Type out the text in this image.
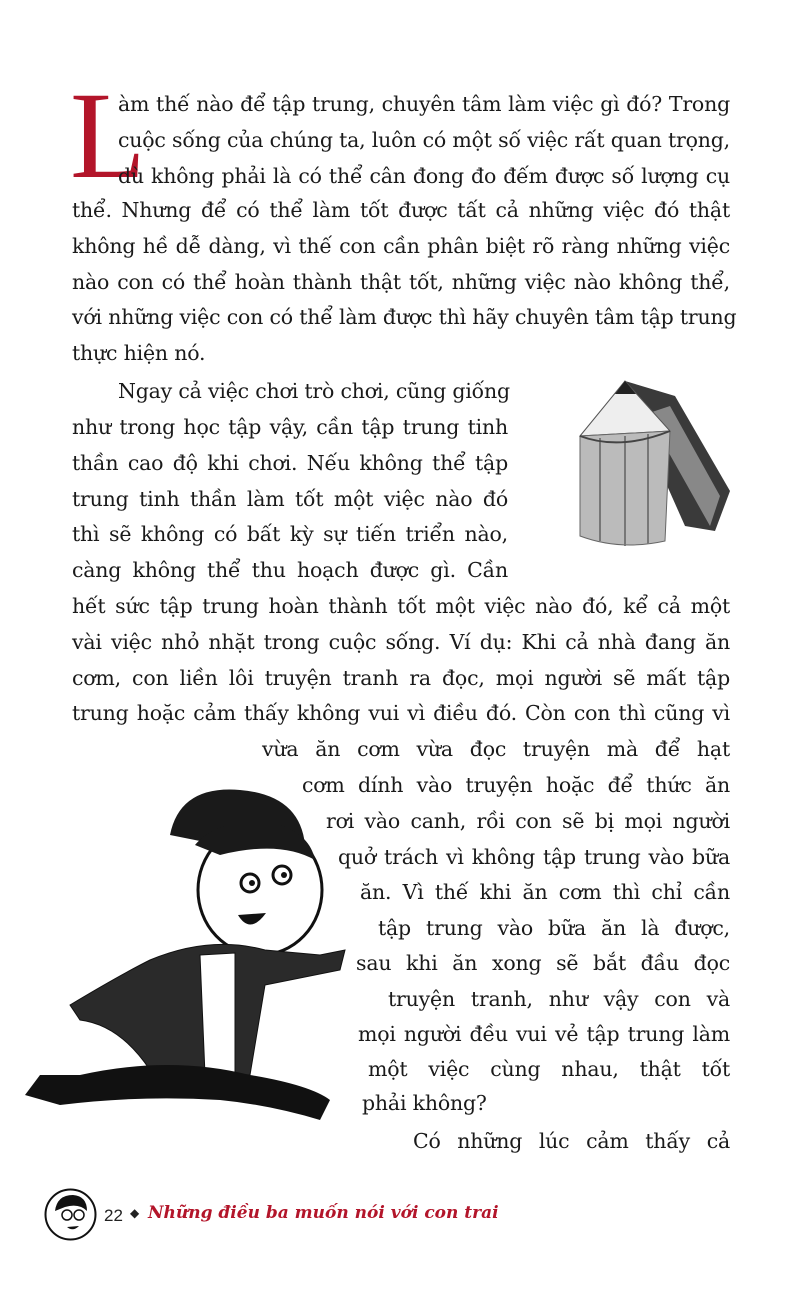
L
àm thế nào để tập trung, chuyên tâm làm việc gì đó? Trong
cuộc sống của chúng ta, luôn có một số việc rất quan trọng,
dù không phải là có thể cân đong đo đếm được số lượng cụ
thể. Nhưng để có thể làm tốt được tất cả những việc đó thật
không hề dễ dàng, vì thế con cần phân biệt rõ ràng những việc
nào con có thể hoàn thành thật tốt, những việc nào không thể,
với những việc con có thể làm được thì hãy chuyên tâm tập trung
thực hiện nó.
Ngay cả việc chơi trò chơi, cũng giống
như trong học tập vậy, cần tập trung tinh
thần cao độ khi chơi. Nếu không thể tập
trung tinh thần làm tốt một việc nào đó
thì sẽ không có bất kỳ sự tiến triển nào,
càng không thể thu hoạch được gì. Cần
hết sức tập trung hoàn thành tốt một việc nào đó, kể cả một
vài việc nhỏ nhặt trong cuộc sống. Ví dụ: Khi cả nhà đang ăn
cơm, con liền lôi truyện tranh ra đọc, mọi người sẽ mất tập
trung hoặc cảm thấy không vui vì điều đó. Còn con thì cũng vì
vừa ăn cơm vừa đọc truyện mà để hạt
cơm dính vào truyện hoặc để thức ăn
rơi vào canh, rồi con sẽ bị mọi người
quở trách vì không tập trung vào bữa
ăn. Vì thế khi ăn cơm thì chỉ cần
tập trung vào bữa ăn là được,
sau khi ăn xong sẽ bắt đầu đọc
truyện tranh, như vậy con và
mọi người đều vui vẻ tập trung làm
một việc cùng nhau, thật tốt
phải không?
Có những lúc cảm thấy cả
22 ◆ Những điều ba muốn nói với con trai
